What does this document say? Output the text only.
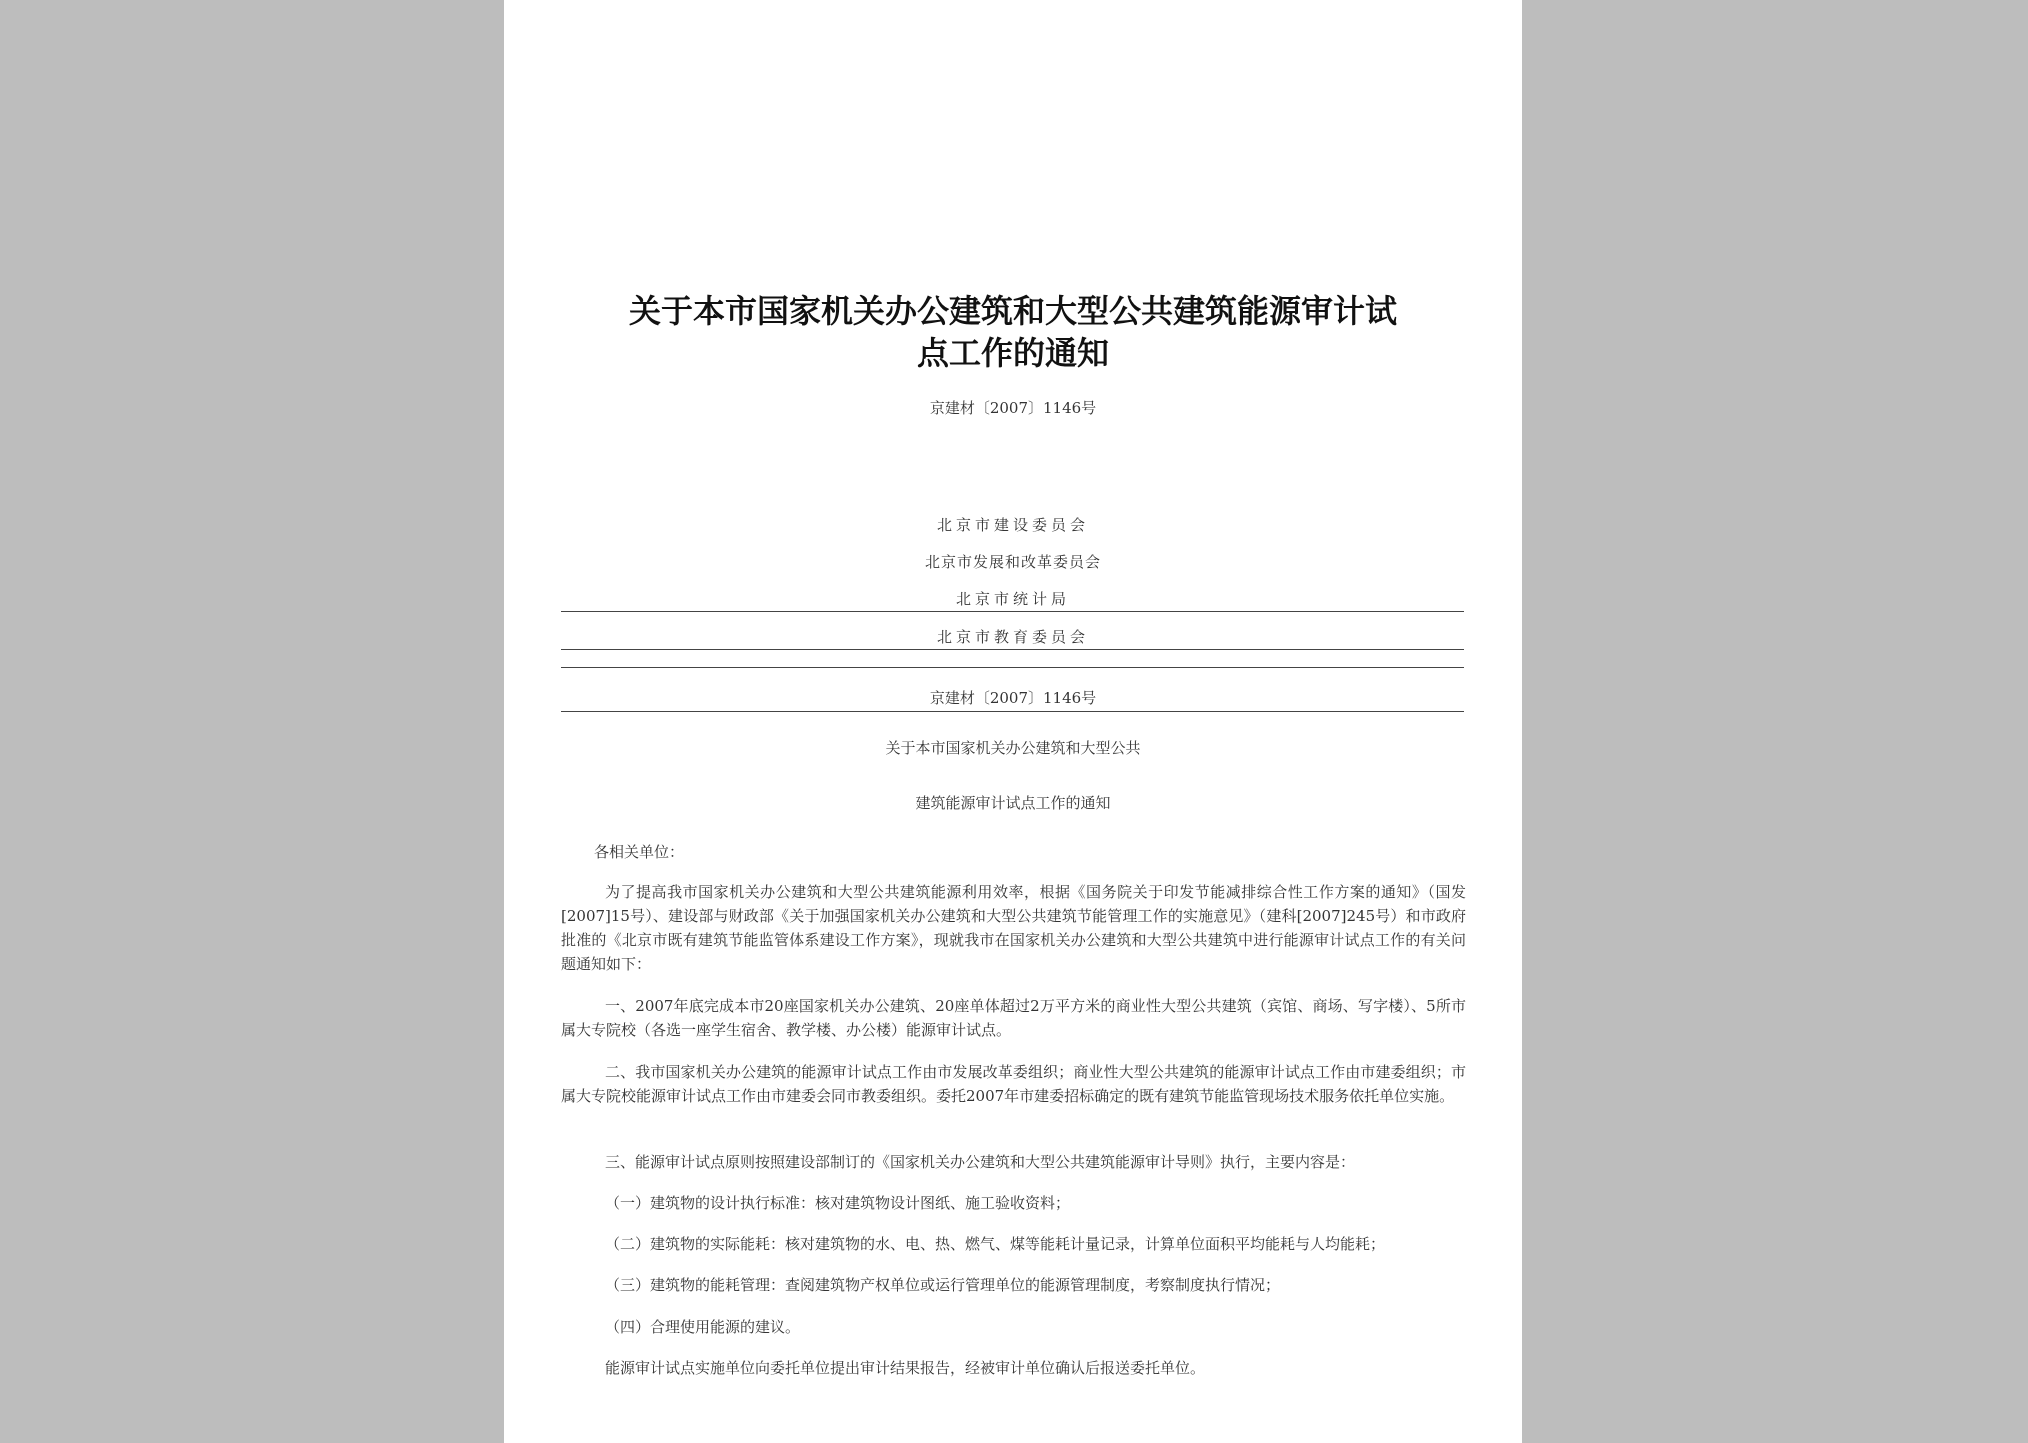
关于本市国家机关办公建筑和大型公共建筑能源审计试
点工作的通知
京建材〔2007〕1146号
北京市建设委员会
北京市发展和改革委员会
北京市统计局
北京市教育委员会
京建材〔2007〕1146号
关于本市国家机关办公建筑和大型公共
建筑能源审计试点工作的通知
各相关单位：
为了提高我市国家机关办公建筑和大型公共建筑能源利用效率，根据《国务院关于印发节能减排综合性工作方案的通知》（国发[2007]15号）、建设部与财政部《关于加强国家机关办公建筑和大型公共建筑节能管理工作的实施意见》（建科[2007]245号）和市政府批准的《北京市既有建筑节能监管体系建设工作方案》，现就我市在国家机关办公建筑和大型公共建筑中进行能源审计试点工作的有关问题通知如下：
一、2007年底完成本市20座国家机关办公建筑、20座单体超过2万平方米的商业性大型公共建筑（宾馆、商场、写字楼）、5所市属大专院校（各选一座学生宿舍、教学楼、办公楼）能源审计试点。
二、我市国家机关办公建筑的能源审计试点工作由市发展改革委组织；商业性大型公共建筑的能源审计试点工作由市建委组织；市属大专院校能源审计试点工作由市建委会同市教委组织。委托2007年市建委招标确定的既有建筑节能监管现场技术服务依托单位实施。
三、能源审计试点原则按照建设部制订的《国家机关办公建筑和大型公共建筑能源审计导则》执行，主要内容是：
（一）建筑物的设计执行标准：核对建筑物设计图纸、施工验收资料；
（二）建筑物的实际能耗：核对建筑物的水、电、热、燃气、煤等能耗计量记录，计算单位面积平均能耗与人均能耗；
（三）建筑物的能耗管理：查阅建筑物产权单位或运行管理单位的能源管理制度，考察制度执行情况；
（四）合理使用能源的建议。
能源审计试点实施单位向委托单位提出审计结果报告，经被审计单位确认后报送委托单位。
